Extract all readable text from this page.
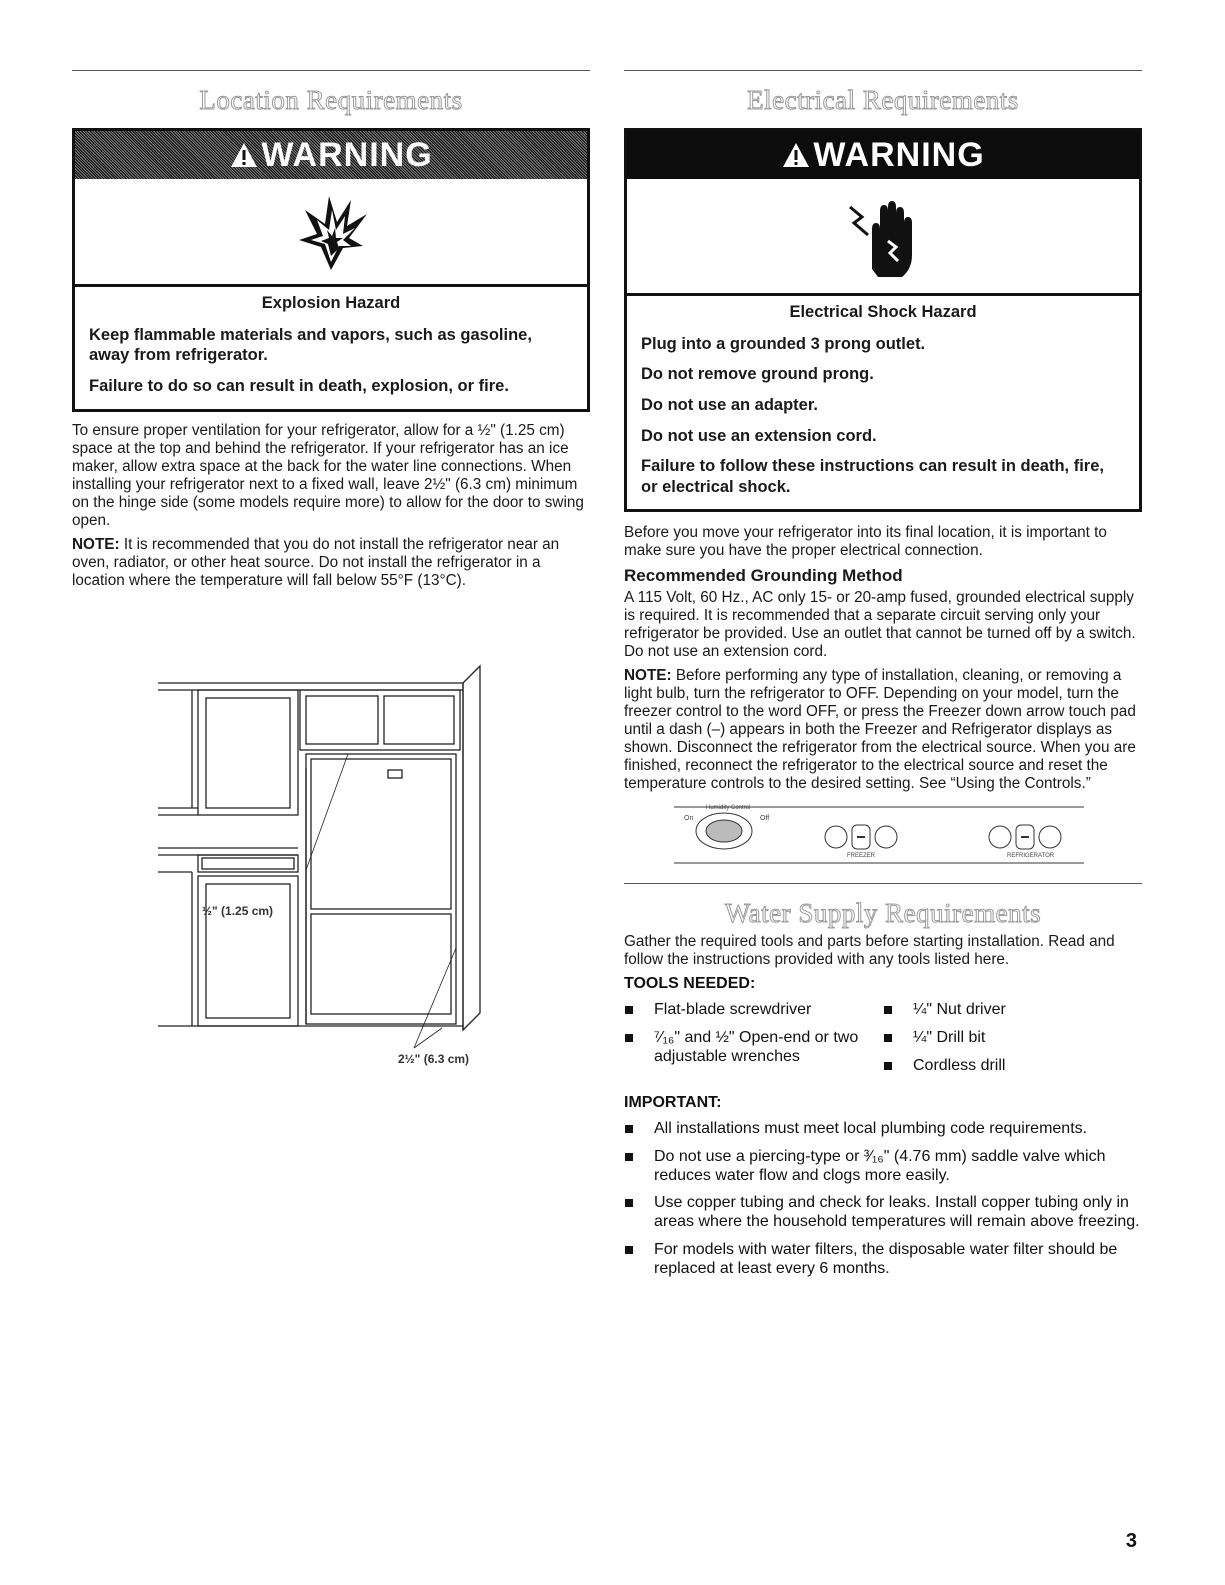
Location Requirements
WARNING
Explosion Hazard

Keep flammable materials and vapors, such as gasoline, away from refrigerator.

Failure to do so can result in death, explosion, or fire.

To ensure proper ventilation for your refrigerator, allow for a ½" (1.25 cm) space at the top and behind the refrigerator. If your refrigerator has an ice maker, allow extra space at the back for the water line connections. When installing your refrigerator next to a fixed wall, leave 2½" (6.3 cm) minimum on the hinge side (some models require more) to allow for the door to swing open.

NOTE: It is recommended that you do not install the refrigerator near an oven, radiator, or other heat source. Do not install the refrigerator in a location where the temperature will fall below 55°F (13°C).

½" (1.25 cm)
2½" (6.3 cm)
Electrical Requirements
WARNING
Electrical Shock Hazard

Plug into a grounded 3 prong outlet.

Do not remove ground prong.

Do not use an adapter.

Do not use an extension cord.

Failure to follow these instructions can result in death, fire, or electrical shock.

Before you move your refrigerator into its final location, it is important to make sure you have the proper electrical connection.

Recommended Grounding Method

A 115 Volt, 60 Hz., AC only 15- or 20-amp fused, grounded electrical supply is required. It is recommended that a separate circuit serving only your refrigerator be provided. Use an outlet that cannot be turned off by a switch. Do not use an extension cord.

NOTE: Before performing any type of installation, cleaning, or removing a light bulb, turn the refrigerator to OFF. Depending on your model, turn the freezer control to the word OFF, or press the Freezer down arrow touch pad until a dash (–) appears in both the Freezer and Refrigerator displays as shown. Disconnect the refrigerator from the electrical source. When you are finished, reconnect the refrigerator to the electrical source and reset the temperature controls to the desired setting. See “Using the Controls.”

Humidity Control
On	Off
FREEZER	REFRIGERATOR
Water Supply Requirements

Gather the required tools and parts before starting installation. Read and follow the instructions provided with any tools listed here.

TOOLS NEEDED:
Flat-blade screwdriver
⁷⁄₁₆" and ½" Open-end or two adjustable wrenches
¼" Nut driver
¼" Drill bit
Cordless drill
IMPORTANT:
All installations must meet local plumbing code requirements.
Do not use a piercing-type or ³⁄₁₆" (4.76 mm) saddle valve which reduces water flow and clogs more easily.
Use copper tubing and check for leaks. Install copper tubing only in areas where the household temperatures will remain above freezing.
For models with water filters, the disposable water filter should be replaced at least every 6 months.
3
